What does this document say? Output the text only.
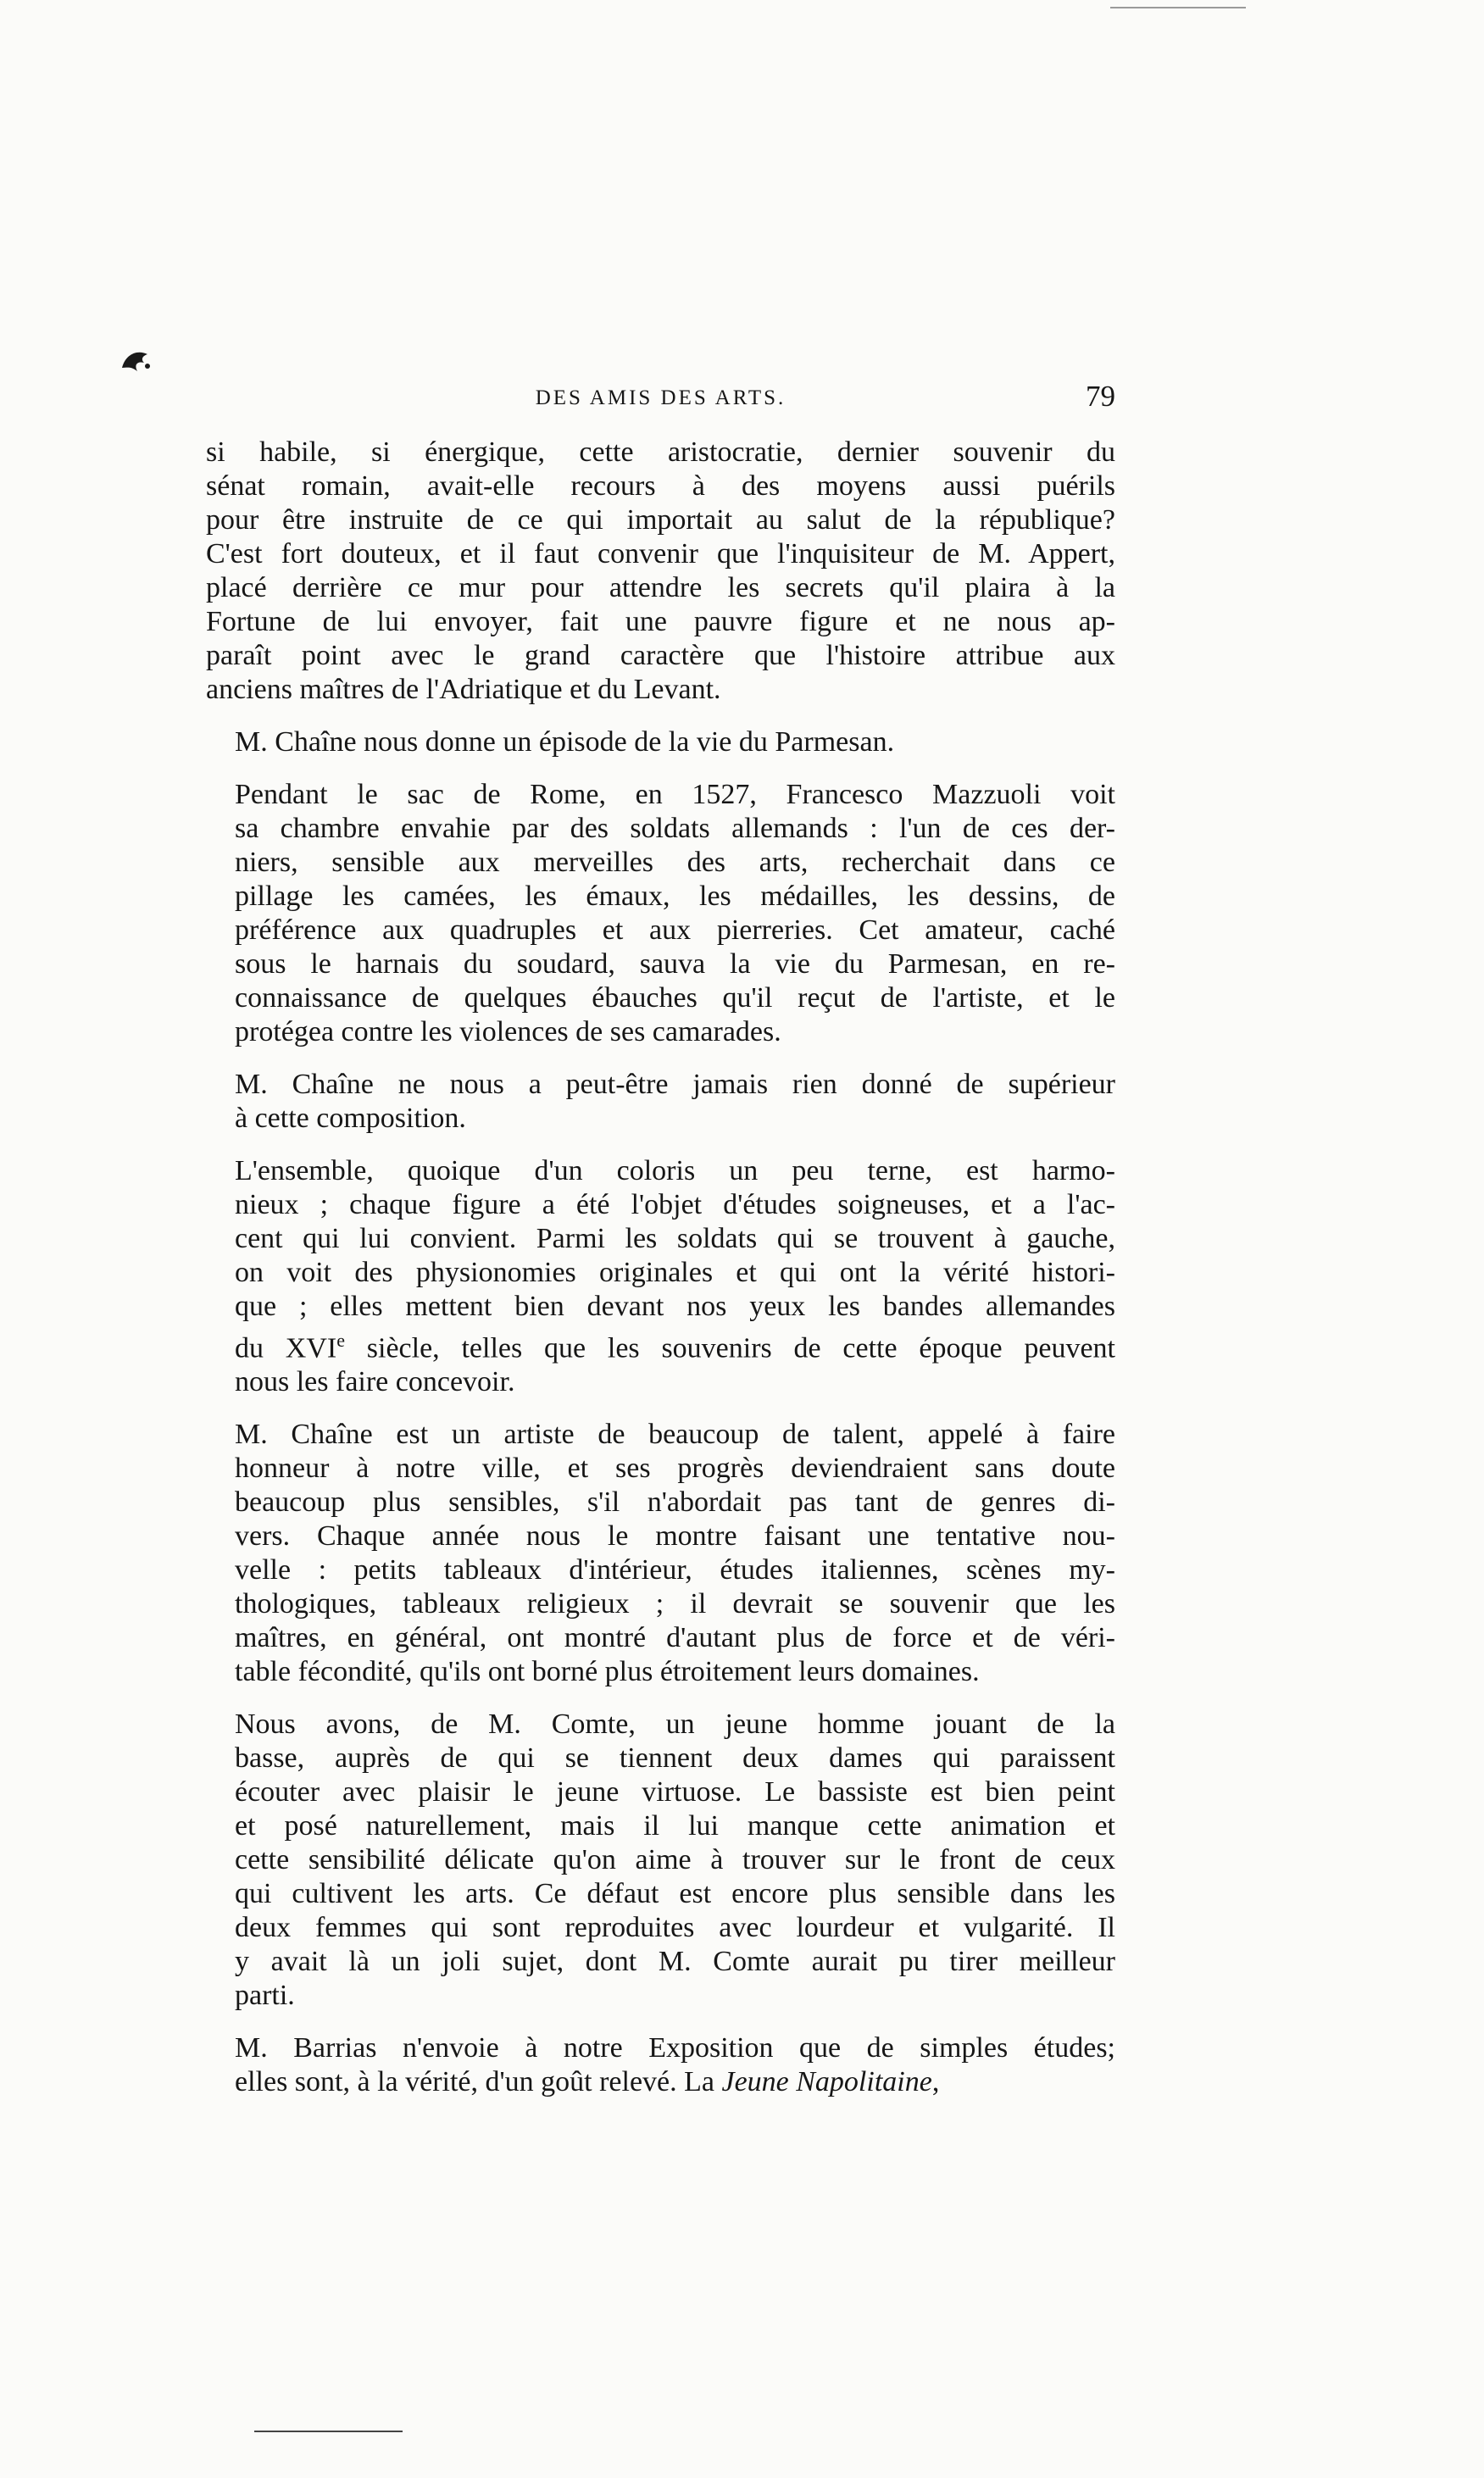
DES AMIS DES ARTS.	79

si habile, si énergique, cette aristocratie, dernier souvenir du
sénat romain, avait-elle recours à des moyens aussi puérils
pour être instruite de ce qui importait au salut de la république?
C'est fort douteux, et il faut convenir que l'inquisiteur de M. Appert,
placé derrière ce mur pour attendre les secrets qu'il plaira à la
Fortune de lui envoyer, fait une pauvre figure et ne nous ap-
paraît point avec le grand caractère que l'histoire attribue aux
anciens maîtres de l'Adriatique et du Levant.

M. Chaîne nous donne un épisode de la vie du Parmesan.

Pendant le sac de Rome, en 1527, Francesco Mazzuoli voit
sa chambre envahie par des soldats allemands : l'un de ces der-
niers, sensible aux merveilles des arts, recherchait dans ce
pillage les camées, les émaux, les médailles, les dessins, de
préférence aux quadruples et aux pierreries. Cet amateur, caché
sous le harnais du soudard, sauva la vie du Parmesan, en re-
connaissance de quelques ébauches qu'il reçut de l'artiste, et le
protégea contre les violences de ses camarades.

M. Chaîne ne nous a peut-être jamais rien donné de supérieur
à cette composition.

L'ensemble, quoique d'un coloris un peu terne, est harmo-
nieux ; chaque figure a été l'objet d'études soigneuses, et a l'ac-
cent qui lui convient. Parmi les soldats qui se trouvent à gauche,
on voit des physionomies originales et qui ont la vérité histori-
que ; elles mettent bien devant nos yeux les bandes allemandes
du XVIe siècle, telles que les souvenirs de cette époque peuvent
nous les faire concevoir.

M. Chaîne est un artiste de beaucoup de talent, appelé à faire
honneur à notre ville, et ses progrès deviendraient sans doute
beaucoup plus sensibles, s'il n'abordait pas tant de genres di-
vers. Chaque année nous le montre faisant une tentative nou-
velle : petits tableaux d'intérieur, études italiennes, scènes my-
thologiques, tableaux religieux ; il devrait se souvenir que les
maîtres, en général, ont montré d'autant plus de force et de véri-
table fécondité, qu'ils ont borné plus étroitement leurs domaines.

Nous avons, de M. Comte, un jeune homme jouant de la
basse, auprès de qui se tiennent deux dames qui paraissent
écouter avec plaisir le jeune virtuose. Le bassiste est bien peint
et posé naturellement, mais il lui manque cette animation et
cette sensibilité délicate qu'on aime à trouver sur le front de ceux
qui cultivent les arts. Ce défaut est encore plus sensible dans les
deux femmes qui sont reproduites avec lourdeur et vulgarité. Il
y avait là un joli sujet, dont M. Comte aurait pu tirer meilleur
parti.

M. Barrias n'envoie à notre Exposition que de simples études;
elles sont, à la vérité, d'un goût relevé. La Jeune Napolitaine,
